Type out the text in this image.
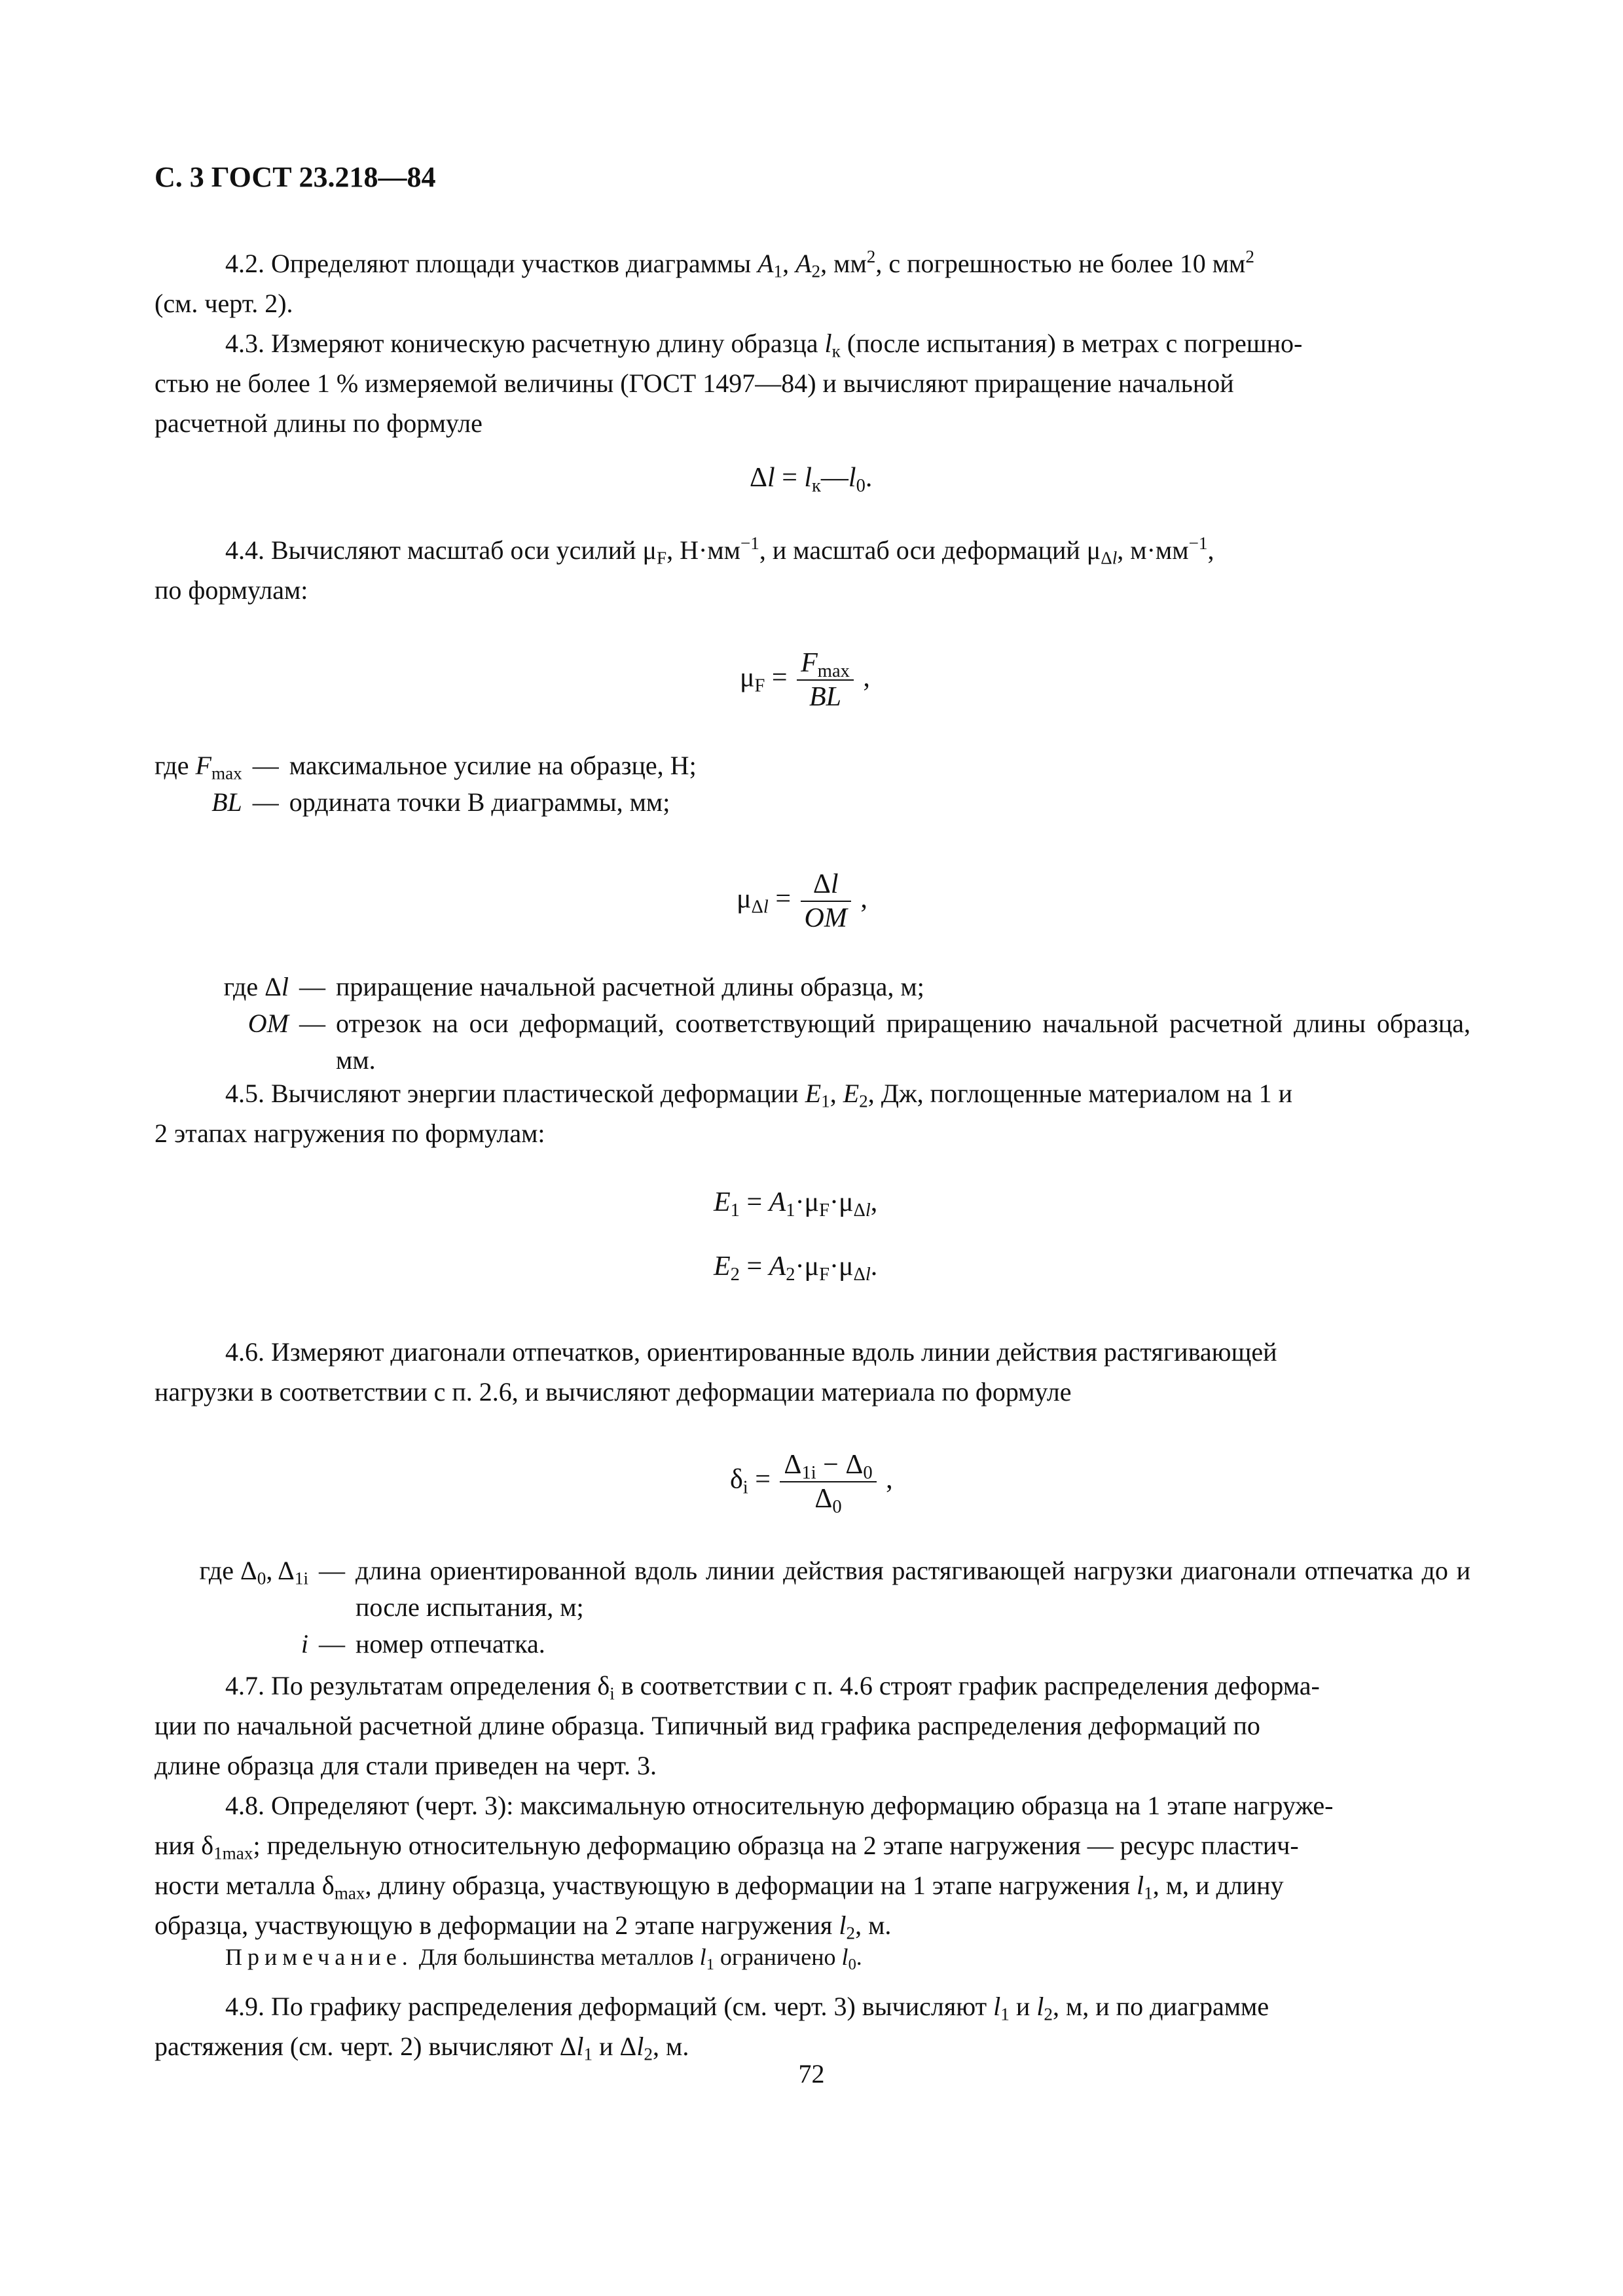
С. 3 ГОСТ 23.218—84

4.2. Определяют площади участков диаграммы $A_1$, $A_2$, $мм^2$, с погрешностью не более 10 $мм^2$
(см. черт. 2).

4.3. Измеряют коническую расчетную длину образца $l_к$ (после испытания) в метрах с погрешно-
стью не более 1 % измеряемой величины (ГОСТ 1497—84) и вычисляют приращение начальной
расчетной длины по формуле

$\Delta l = l_к—l_0$.

4.4. Вычисляют масштаб оси усилий $\mu_F$, $Н\cdot мм^{-1}$, и масштаб оси деформаций $\mu_{\Delta l}$, $м\cdot мм^{-1}$,
по формулам:

$\mu_F = \frac{F_{max}}{BL}$ ,
где $F_{max}$	—	максимальное усилие на образце, Н;
BL	—	ордината точки B диаграммы, мм;
$\mu_{\Delta l} = \frac{\Delta l}{OM}$ ,
где Δl	—	приращение начальной расчетной длины образца, м;
OM	—	отрезок на оси деформаций, соответствующий приращению начальной расчетной длины образца, мм.

4.5. Вычисляют энергии пластической деформации $E_1$, $E_2$, Дж, поглощенные материалом на 1 и
2 этапах нагружения по формулам:

$E_1 = A_1\cdot\mu_F\cdot\mu_{\Delta l}$,
$E_2 = A_2\cdot\mu_F\cdot\mu_{\Delta l}$.

4.6. Измеряют диагонали отпечатков, ориентированные вдоль линии действия растягивающей
нагрузки в соответствии с п. 2.6, и вычисляют деформации материала по формуле

$\delta_i = \frac{\Delta_{1i} - \Delta_0}{\Delta_0}$ ,
где $\Delta_0$, $\Delta_{1i}$	—	длина ориентированной вдоль линии действия растягивающей нагрузки диагонали отпечатка до и после испытания, м;
i	—	номер отпечатка.

4.7. По результатам определения $\delta_i$ в соответствии с п. 4.6 строят график распределения деформа-
ции по начальной расчетной длине образца. Типичный вид графика распределения деформаций по
длине образца для стали приведен на черт. 3.

4.8. Определяют (черт. 3): максимальную относительную деформацию образца на 1 этапе нагруже-
ния $\delta_{1max}$; предельную относительную деформацию образца на 2 этапе нагружения — ресурс пластич-
ности металла $\delta_{max}$, длину образца, участвующую в деформации на 1 этапе нагружения $l_1$, м, и длину
образца, участвующую в деформации на 2 этапе нагружения $l_2$, м.

Примечание. Для большинства металлов $l_1$ ограничено $l_0$.

4.9. По графику распределения деформаций (см. черт. 3) вычисляют $l_1$ и $l_2$, м, и по диаграмме
растяжения (см. черт. 2) вычисляют $\Delta l_1$ и $\Delta l_2$, м.

72
